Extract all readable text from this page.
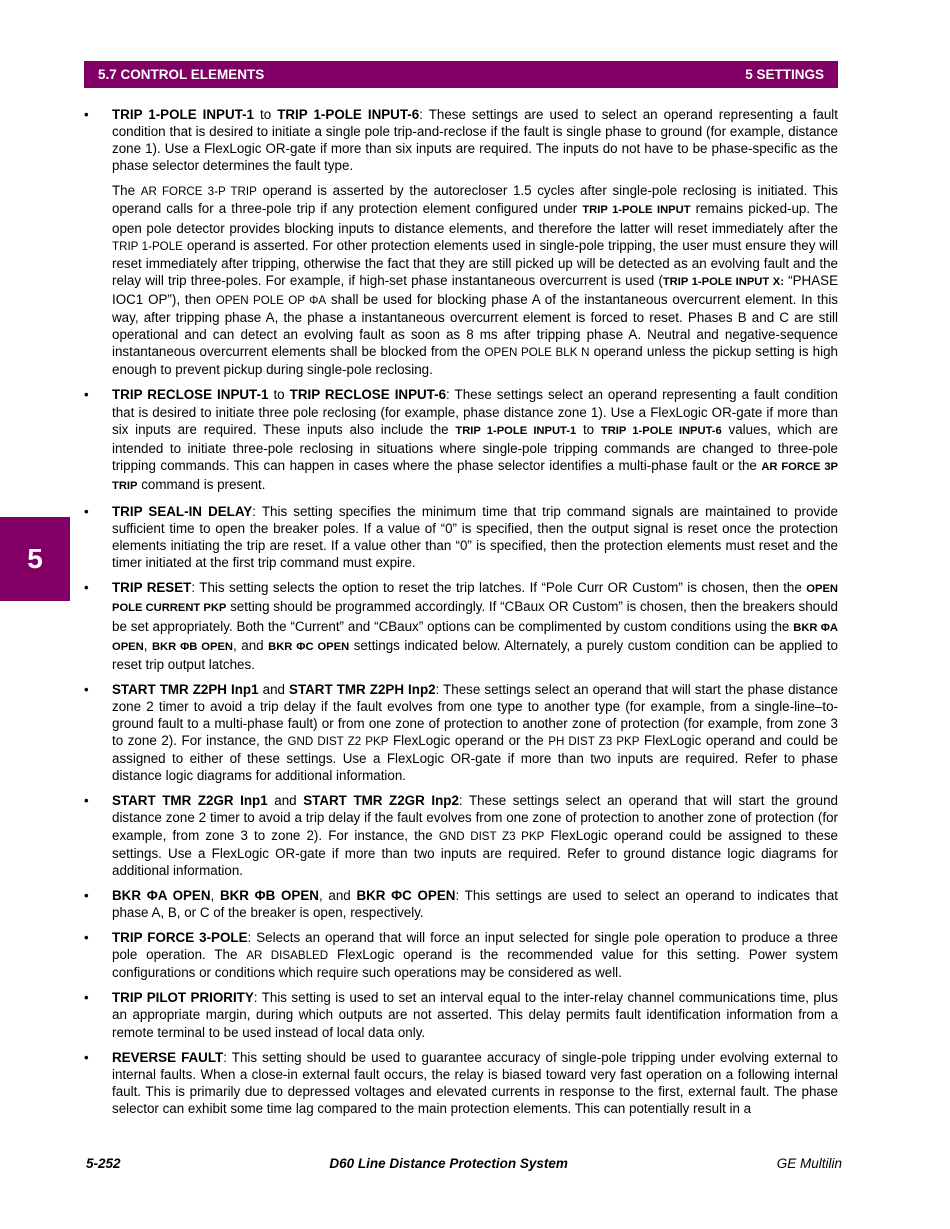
5.7 CONTROL ELEMENTS	5 SETTINGS
5
•	TRIP 1-POLE INPUT-1 to TRIP 1-POLE INPUT-6: These settings are used to select an operand representing a fault condition that is desired to initiate a single pole trip-and-reclose if the fault is single phase to ground (for example, distance zone 1). Use a FlexLogic OR-gate if more than six inputs are required. The inputs do not have to be phase-specific as the phase selector determines the fault type.

The AR FORCE 3-P TRIP operand is asserted by the autorecloser 1.5 cycles after single-pole reclosing is initiated. This operand calls for a three-pole trip if any protection element configured under TRIP 1-POLE INPUT remains picked-up. The open pole detector provides blocking inputs to distance elements, and therefore the latter will reset immediately after the TRIP 1-POLE operand is asserted. For other protection elements used in single-pole tripping, the user must ensure they will reset immediately after tripping, otherwise the fact that they are still picked up will be detected as an evolving fault and the relay will trip three-poles. For example, if high-set phase instantaneous overcurrent is used (TRIP 1-POLE INPUT X: “PHASE IOC1 OP”), then OPEN POLE OP ΦA shall be used for blocking phase A of the instantaneous overcurrent element. In this way, after tripping phase A, the phase a instantaneous overcurrent element is forced to reset. Phases B and C are still operational and can detect an evolving fault as soon as 8 ms after tripping phase A. Neutral and negative-sequence instantaneous overcurrent elements shall be blocked from the OPEN POLE BLK N operand unless the pickup setting is high enough to prevent pickup during single-pole reclosing.

•	TRIP RECLOSE INPUT-1 to TRIP RECLOSE INPUT-6: These settings select an operand representing a fault condition that is desired to initiate three pole reclosing (for example, phase distance zone 1). Use a FlexLogic OR-gate if more than six inputs are required. These inputs also include the TRIP 1-POLE INPUT-1 to TRIP 1-POLE INPUT-6 values, which are intended to initiate three-pole reclosing in situations where single-pole tripping commands are changed to three-pole tripping commands. This can happen in cases where the phase selector identifies a multi-phase fault or the AR FORCE 3P TRIP command is present.

•	TRIP SEAL-IN DELAY: This setting specifies the minimum time that trip command signals are maintained to provide sufficient time to open the breaker poles. If a value of “0” is specified, then the output signal is reset once the protection elements initiating the trip are reset. If a value other than “0” is specified, then the protection elements must reset and the timer initiated at the first trip command must expire.

•	TRIP RESET: This setting selects the option to reset the trip latches. If “Pole Curr OR Custom” is chosen, then the OPEN POLE CURRENT PKP setting should be programmed accordingly. If “CBaux OR Custom” is chosen, then the breakers should be set appropriately. Both the “Current” and “CBaux” options can be complimented by custom conditions using the BKR ΦA OPEN, BKR ΦB OPEN, and BKR ΦC OPEN settings indicated below. Alternately, a purely custom condition can be applied to reset trip output latches.

•	START TMR Z2PH Inp1 and START TMR Z2PH Inp2: These settings select an operand that will start the phase distance zone 2 timer to avoid a trip delay if the fault evolves from one type to another type (for example, from a single-line–to-ground fault to a multi-phase fault) or from one zone of protection to another zone of protection (for example, from zone 3 to zone 2). For instance, the GND DIST Z2 PKP FlexLogic operand or the PH DIST Z3 PKP FlexLogic operand and could be assigned to either of these settings. Use a FlexLogic OR-gate if more than two inputs are required. Refer to phase distance logic diagrams for additional information.

•	START TMR Z2GR Inp1 and START TMR Z2GR Inp2: These settings select an operand that will start the ground distance zone 2 timer to avoid a trip delay if the fault evolves from one zone of protection to another zone of protection (for example, from zone 3 to zone 2). For instance, the GND DIST Z3 PKP FlexLogic operand could be assigned to these settings. Use a FlexLogic OR-gate if more than two inputs are required. Refer to ground distance logic diagrams for additional information.

•	BKR ΦA OPEN, BKR ΦB OPEN, and BKR ΦC OPEN: This settings are used to select an operand to indicates that phase A, B, or C of the breaker is open, respectively.

•	TRIP FORCE 3-POLE: Selects an operand that will force an input selected for single pole operation to produce a three pole operation. The AR DISABLED FlexLogic operand is the recommended value for this setting. Power system configurations or conditions which require such operations may be considered as well.

•	TRIP PILOT PRIORITY: This setting is used to set an interval equal to the inter-relay channel communications time, plus an appropriate margin, during which outputs are not asserted. This delay permits fault identification information from a remote terminal to be used instead of local data only.

•	REVERSE FAULT: This setting should be used to guarantee accuracy of single-pole tripping under evolving external to internal faults. When a close-in external fault occurs, the relay is biased toward very fast operation on a following internal fault. This is primarily due to depressed voltages and elevated currents in response to the first, external fault. The phase selector can exhibit some time lag compared to the main protection elements. This can potentially result in a

5-252	D60 Line Distance Protection System	GE Multilin
